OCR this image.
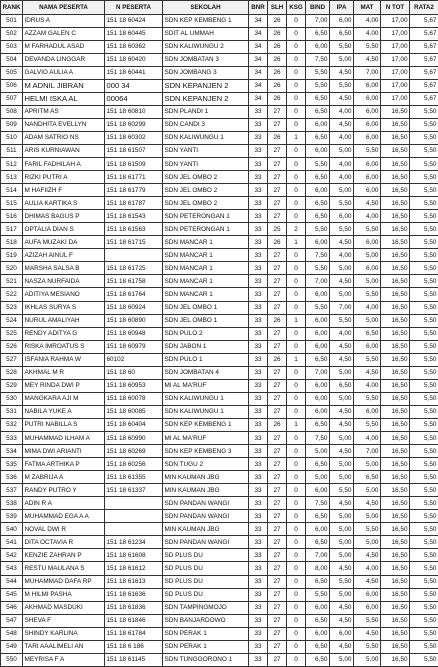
RANK	NAMA PESERTA	N PESERTA	SEKOLAH	BNR	SLH	KSG	BIND	IPA	MAT	N TOT	RATA2
501	IDRUS A	151 18 60424	SDN KEP KEMBENG 1	34	26	0	7,00	6,00	4,00	17,00	5,67
502	AZZAM GALEN C	151 18 60445	SDIT AL UMMAH	34	26	0	6,50	6,50	4,00	17,00	5,67
503	M FARHADUL ASAD	151 18 60362	SDN KALIWUNGU 2	34	26	0	6,00	5,50	5,50	17,00	5,67
504	DEVANDA LINGGAR	151 18 60420	SDN JOMBATAN 3	34	26	0	7,50	5,00	4,50	17,00	5,67
505	GALVIO AULIA A	151 18 60441	SDN JOMBANG 3	34	26	0	5,50	4,50	7,00	17,00	5,67
506	M ADNIL JIBRAN	000 34	SDN KEPANJEN 2	34	26	0	5,50	5,50	6,00	17,00	5,67
507	HELMI ISKA AL	00064	SDN KEPANJEN 2	34	26	0	6,50	4,50	6,00	17,00	5,67
508	APRITM AS	151 18 60810	SDN PLANDI 1	33	27	0	6,50	4,00	6,00	16,50	5,50
509	NANDHITA EVELLYN	151 18 60299	SDN CANDI 3	33	27	0	6,00	4,50	6,00	16,50	5,50
510	ADAM SATRIO NS	151 18 60302	SDN KALIWUNGU 1	33	26	1	6,50	4,00	6,00	16,50	5,50
511	ARIS KURNIAWAN	151 18 61507	SDN YANTI	33	27	0	6,00	5,00	5,50	16,50	5,50
512	FARIL FADHILAH A	151 18 61509	SDN YANTI	33	27	0	5,50	4,00	6,00	16,50	5,50
513	RIZKI PUTRI A	151 18 61771	SDN JEL OMBO 2	33	27	0	6,50	4,00	6,00	16,50	5,50
514	M HAFIIZH F	151 18 61779	SDN JEL OMBO 2	33	27	0	6,00	5,00	6,00	16,50	5,50
515	AULIA KARTIKA S	151 18 61787	SDN JEL OMBO 2	33	27	0	6,50	5,50	4,50	16,50	5,50
516	DHIMAS BAGUS P	151 18 61543	SDN PETERONGAN 1	33	27	0	6,50	6,00	4,00	16,50	5,50
517	OPTALIA DIAN S	151 18 61563	SDN PETERONGAN 1	33	25	2	5,50	5,50	5,50	16,50	5,50
518	AUFA MUZAKI DA	151 18 61715	SDN MANCAR 1	33	26	1	6,00	4,50	6,00	16,50	5,50
519	AZIZAH AINUL F		SDN MANCAR 1	33	27	0	7,50	4,00	5,00	16,50	5,50
520	MARSHA SALSA B	151 18 61725	SDN MANCAR 1	33	27	0	5,50	5,00	6,00	16,50	5,50
521	NASZA NURFAIDA	151 18 61758	SDN MANCAR 1	33	27	0	7,00	4,50	5,00	16,50	5,50
522	ADITIYA MESIANO	151 18 61764	SDN MANCAR 1	33	27	0	6,00	5,00	5,50	16,50	5,50
523	IKHLAS SURYA S	151 18 60924	SDN JEL OMBO 1	33	27	0	5,50	7,00	4,00	16,50	5,50
524	NURUL AMALIYAH	151 18 60890	SDN JEL OMBO 1	33	26	1	6,00	5,50	5,00	16,50	5,50
525	RENDY ADITYA G	151 18 60948	SDN PULO 2	33	27	0	6,00	4,00	6,50	16,50	5,50
526	RISKA IMROATUS S	151 18 60979	SDN JABON 1	33	27	0	6,00	4,50	6,00	16,50	5,50
527	ISFANIA RAHMA W	60102	SDN PULO 1	33	26	1	6,50	4,50	5,50	16,50	5,50
528	AKHMAL M R	151 18 60	SDN JOMBATAN 4	33	27	0	7,00	5,00	4,50	16,50	5,50
529	MEY RINDA DWI P	151 18 60953	MI AL MA'RUF	33	27	0	6,00	6,50	4,00	16,50	5,50
530	MANGKARA AJI M	151 18 60078	SDN KALIWUNGU 1	33	27	0	6,00	5,00	5,50	16,50	5,50
531	NABILA YUKE A	151 18 60085	SDN KALIWUNGU 1	33	27	0	6,00	4,50	6,00	16,50	5,50
532	PUTRI NABILLA S	151 18 60404	SDN KEP KEMBENG 1	33	26	1	6,50	4,50	5,50	16,50	5,50
533	MUHAMMAD ILHAM A	151 18 60990	MI AL MA'RUF	33	27	0	7,50	5,00	4,00	16,50	5,50
534	MIMA DWI ARIANTI	151 18 60269	SDN KEP KEMBENG 3	33	27	0	5,00	4,50	7,00	16,50	5,50
535	FATMA ARTHIKA P	151 18 60256	SDN TUGU 2	33	27	0	6,50	5,00	5,00	16,50	5,50
536	M ZABRIJA A	151 18 61355	MIN KAUMAN JBG	33	27	0	5,00	5,00	6,50	16,50	5,50
537	RANDY PUTRO Y	151 18 61337	MIN KAUMAN JBG	33	27	0	6,00	5,50	5,00	16,50	5,50
538	ADIN R A		SDN PANDAN WANGI	33	27	0	7,50	4,50	4,50	16,50	5,50
539	MUHAMMAD EGA A A		SDN PANDAN WANGI	33	27	0	6,50	5,00	5,00	16,50	5,50
540	NOVAL DWI R		MIN KAUMAN JBG	33	27	0	6,00	5,00	5,50	16,50	5,50
541	DITA OCTAVIA R	151 18 61234	SDN PANDAN WANGI	33	27	0	6,50	5,00	5,00	16,50	5,50
542	KENZIE ZAHRAN P	151 18 61608	SD PLUS DU	33	27	0	7,00	5,00	4,50	16,50	5,50
543	RESTU MAULANA S	151 18 61612	SD PLUS DU	33	27	0	8,00	4,50	4,00	16,50	5,50
544	MUHAMMAD DAFA RP	151 18 61613	SD PLUS DU	33	27	0	6,50	5,50	4,50	16,50	5,50
545	M HILMI PASHA	151 18 61636	SD PLUS DU	33	27	0	5,50	5,00	6,00	16,50	5,50
546	AKHMAD MASDUKI	151 18 61836	SDN TAMPINGMOJO	33	27	0	6,00	4,50	6,00	16,50	5,50
547	SHEVA F	151 18 61846	SDN BANJARDOWO	33	27	0	6,50	4,50	5,50	16,50	5,50
548	SHINDY KARLINA	151 18 61784	SDN PERAK 1	33	27	0	6,00	6,00	4,50	16,50	5,50
549	TARI AAALIMELI AN	151 18 6 186	SDN PERAK 1	33	27	0	6,50	4,50	5,50	16,50	5,50
550	MEYRISA F A	151 18 61145	SDN TUNGGORONO 1	33	27	0	6,50	5,00	5,00	16,50	5,50
